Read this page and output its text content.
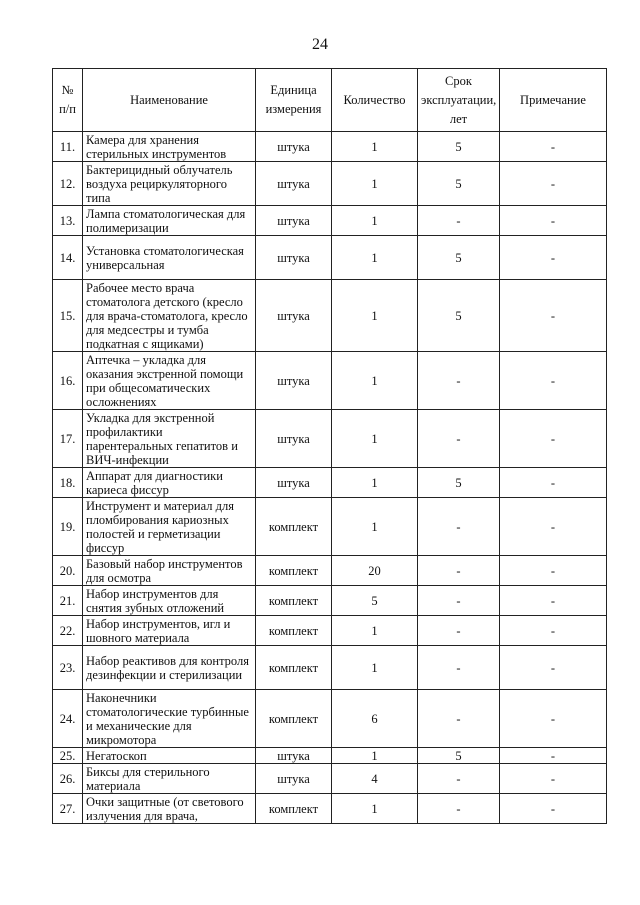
24
№ п/п	Наименование	Единица измерения	Количество	Срок эксплуатации, лет	Примечание
11.	Камера для хранения стерильных инструментов	штука	1	5	-
12.	Бактерицидный облучатель воздуха рециркуляторного типа	штука	1	5	-
13.	Лампа стоматологическая для полимеризации	штука	1	-	-
14.	Установка стоматологическая универсальная	штука	1	5	-
15.	Рабочее место врача стоматолога детского (кресло для врача-стоматолога, кресло для медсестры и тумба подкатная с ящиками)	штука	1	5	-
16.	Аптечка – укладка для оказания экстренной помощи при общесоматических осложнениях	штука	1	-	-
17.	Укладка для экстренной профилактики парентеральных гепатитов и ВИЧ-инфекции	штука	1	-	-
18.	Аппарат для диагностики кариеса фиссур	штука	1	5	-
19.	Инструмент и материал для пломбирования кариозных полостей и герметизации фиссур	комплект	1	-	-
20.	Базовый набор инструментов для осмотра	комплект	20	-	-
21.	Набор инструментов для снятия зубных отложений	комплект	5	-	-
22.	Набор инструментов, игл и шовного материала	комплект	1	-	-
23.	Набор реактивов для контроля дезинфекции и стерилизации	комплект	1	-	-
24.	Наконечники стоматологические турбинные и механические для микромотора	комплект	6	-	-
25.	Негатоскоп	штука	1	5	-
26.	Биксы для стерильного материала	штука	4	-	-
27.	Очки защитные (от светового излучения для врача,	комплект	1	-	-
